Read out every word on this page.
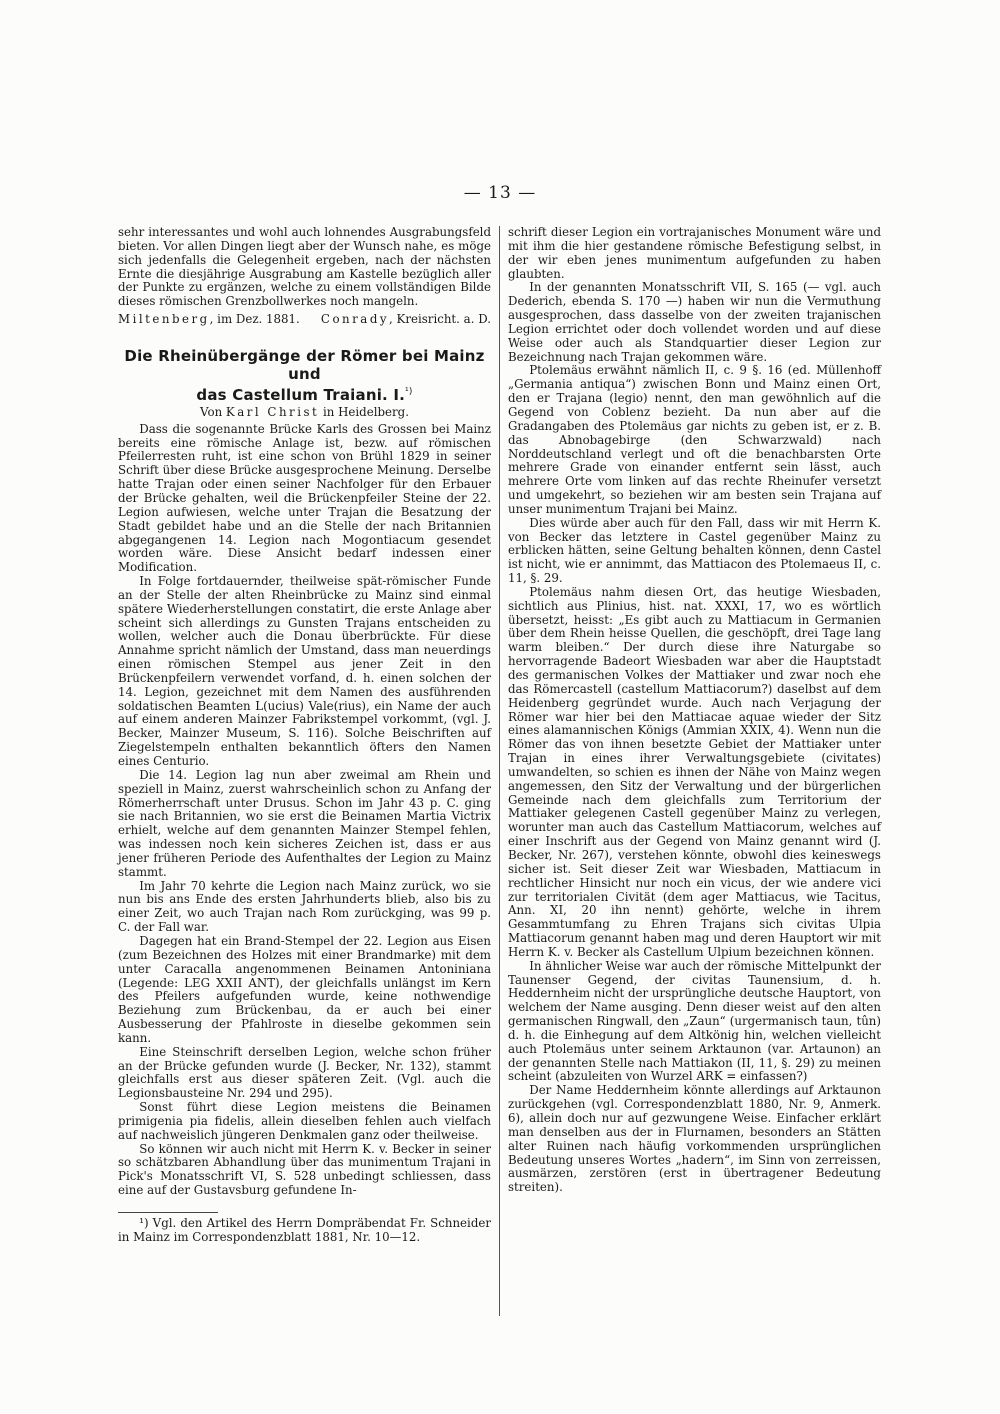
— 13 —

sehr interessantes und wohl auch lohnendes Ausgrabungsfeld bieten. Vor allen Dingen liegt aber der Wunsch nahe, es möge sich jedenfalls die Gelegenheit ergeben, nach der nächsten Ernte die diesjährige Ausgrabung am Kastelle bezüglich aller der Punkte zu ergänzen, welche zu einem vollständigen Bilde dieses römischen Grenzbollwerkes noch mangeln.

Miltenberg, im Dez. 1881. Conrady, Kreisricht. a. D.
Die Rheinübergänge der Römer bei Mainz und
das Castellum Traiani. I.$^{^1)}$
Von Karl Christ in Heidelberg.

Dass die sogenannte Brücke Karls des Grossen bei Mainz bereits eine römische Anlage ist, bezw. auf römischen Pfeilerresten ruht, ist eine schon von Brühl 1829 in seiner Schrift über diese Brücke ausgesprochene Meinung. Derselbe hatte Trajan oder einen seiner Nachfolger für den Erbauer der Brücke gehalten, weil die Brückenpfeiler Steine der 22. Legion aufwiesen, welche unter Trajan die Besatzung der Stadt gebildet habe und an die Stelle der nach Britannien abgegangenen 14. Legion nach Mogontiacum gesendet worden wäre. Diese Ansicht bedarf indessen einer Modification.

In Folge fortdauernder, theilweise spät-römischer Funde an der Stelle der alten Rheinbrücke zu Mainz sind einmal spätere Wiederherstellungen constatirt, die erste Anlage aber scheint sich allerdings zu Gunsten Trajans entscheiden zu wollen, welcher auch die Donau überbrückte. Für diese Annahme spricht nämlich der Umstand, dass man neuerdings einen römischen Stempel aus jener Zeit in den Brückenpfeilern verwendet vorfand, d. h. einen solchen der 14. Legion, gezeichnet mit dem Namen des ausführenden soldatischen Beamten L(ucius) Vale(rius), ein Name der auch auf einem anderen Mainzer Fabrikstempel vorkommt, (vgl. J. Becker, Mainzer Museum, S. 116). Solche Beischriften auf Ziegelstempeln enthalten bekanntlich öfters den Namen eines Centurio.

Die 14. Legion lag nun aber zweimal am Rhein und speziell in Mainz, zuerst wahrscheinlich schon zu Anfang der Römerherrschaft unter Drusus. Schon im Jahr 43 p. C. ging sie nach Britannien, wo sie erst die Beinamen Martia Victrix erhielt, welche auf dem genannten Mainzer Stempel fehlen, was indessen noch kein sicheres Zeichen ist, dass er aus jener früheren Periode des Aufenthaltes der Legion zu Mainz stammt.

Im Jahr 70 kehrte die Legion nach Mainz zurück, wo sie nun bis ans Ende des ersten Jahrhunderts blieb, also bis zu einer Zeit, wo auch Trajan nach Rom zurückging, was 99 p. C. der Fall war.

Dagegen hat ein Brand-Stempel der 22. Legion aus Eisen (zum Bezeichnen des Holzes mit einer Brandmarke) mit dem unter Caracalla angenommenen Beinamen Antoniniana (Legende: LEG XXII ANT), der gleichfalls unlängst im Kern des Pfeilers aufgefunden wurde, keine nothwendige Beziehung zum Brückenbau, da er auch bei einer Ausbesserung der Pfahlroste in dieselbe gekommen sein kann.

Eine Steinschrift derselben Legion, welche schon früher an der Brücke gefunden wurde (J. Becker, Nr. 132), stammt gleichfalls erst aus dieser späteren Zeit. (Vgl. auch die Legionsbausteine Nr. 294 und 295).

Sonst führt diese Legion meistens die Beinamen primigenia pia fidelis, allein dieselben fehlen auch vielfach auf nachweislich jüngeren Denkmalen ganz oder theilweise.

So können wir auch nicht mit Herrn K. v. Becker in seiner so schätzbaren Abhandlung über das munimentum Trajani in Pick's Monatsschrift VI, S. 528 unbedingt schliessen, dass eine auf der Gustavsburg gefundene In-

¹) Vgl. den Artikel des Herrn Dompräbendat Fr. Schneider in Mainz im Correspondenzblatt 1881, Nr. 10—12.

schrift dieser Legion ein vortrajanisches Monument wäre und mit ihm die hier gestandene römische Befestigung selbst, in der wir eben jenes munimentum aufgefunden zu haben glaubten.

In der genannten Monatsschrift VII, S. 165 (— vgl. auch Dederich, ebenda S. 170 —) haben wir nun die Vermuthung ausgesprochen, dass dasselbe von der zweiten trajanischen Legion errichtet oder doch vollendet worden und auf diese Weise oder auch als Standquartier dieser Legion zur Bezeichnung nach Trajan gekommen wäre.

Ptolemäus erwähnt nämlich II, c. 9 §. 16 (ed. Müllenhoff „Germania antiqua“) zwischen Bonn und Mainz einen Ort, den er Trajana (legio) nennt, den man gewöhnlich auf die Gegend von Coblenz bezieht. Da nun aber auf die Gradangaben des Ptolemäus gar nichts zu geben ist, er z. B. das Abnobagebirge (den Schwarzwald) nach Norddeutschland verlegt und oft die benachbarsten Orte mehrere Grade von einander entfernt sein lässt, auch mehrere Orte vom linken auf das rechte Rheinufer versetzt und umgekehrt, so beziehen wir am besten sein Trajana auf unser munimentum Trajani bei Mainz.

Dies würde aber auch für den Fall, dass wir mit Herrn K. von Becker das letztere in Castel gegenüber Mainz zu erblicken hätten, seine Geltung behalten können, denn Castel ist nicht, wie er annimmt, das Mattiacon des Ptolemaeus II, c. 11, §. 29.

Ptolemäus nahm diesen Ort, das heutige Wiesbaden, sichtlich aus Plinius, hist. nat. XXXI, 17, wo es wörtlich übersetzt, heisst: „Es gibt auch zu Mattiacum in Germanien über dem Rhein heisse Quellen, die geschöpft, drei Tage lang warm bleiben.“ Der durch diese ihre Naturgabe so hervorragende Badeort Wiesbaden war aber die Hauptstadt des germanischen Volkes der Mattiaker und zwar noch ehe das Römercastell (castellum Mattiacorum?) daselbst auf dem Heidenberg gegründet wurde. Auch nach Verjagung der Römer war hier bei den Mattiacae aquae wieder der Sitz eines alamannischen Königs (Ammian XXIX, 4). Wenn nun die Römer das von ihnen besetzte Gebiet der Mattiaker unter Trajan in eines ihrer Verwaltungsgebiete (civitates) umwandelten, so schien es ihnen der Nähe von Mainz wegen angemessen, den Sitz der Verwaltung und der bürgerlichen Gemeinde nach dem gleichfalls zum Territorium der Mattiaker gelegenen Castell gegenüber Mainz zu verlegen, worunter man auch das Castellum Mattiacorum, welches auf einer Inschrift aus der Gegend von Mainz genannt wird (J. Becker, Nr. 267), verstehen könnte, obwohl dies keineswegs sicher ist. Seit dieser Zeit war Wiesbaden, Mattiacum in rechtlicher Hinsicht nur noch ein vicus, der wie andere vici zur territorialen Civität (dem ager Mattiacus, wie Tacitus, Ann. XI, 20 ihn nennt) gehörte, welche in ihrem Gesammtumfang zu Ehren Trajans sich civitas Ulpia Mattiacorum genannt haben mag und deren Hauptort wir mit Herrn K. v. Becker als Castellum Ulpium bezeichnen können.

In ähnlicher Weise war auch der römische Mittelpunkt der Taunenser Gegend, der civitas Taunensium, d. h. Heddernheim nicht der ursprüngliche deutsche Hauptort, von welchem der Name ausging. Denn dieser weist auf den alten germanischen Ringwall, den „Zaun“ (urgermanisch taun, tûn) d. h. die Einhegung auf dem Altkönig hin, welchen vielleicht auch Ptolemäus unter seinem Arktaunon (var. Artaunon) an der genannten Stelle nach Mattiakon (II, 11, §. 29) zu meinen scheint (abzuleiten von Wurzel ARK = einfassen?)

Der Name Heddernheim könnte allerdings auf Arktaunon zurückgehen (vgl. Correspondenzblatt 1880, Nr. 9, Anmerk. 6), allein doch nur auf gezwungene Weise. Einfacher erklärt man denselben aus der in Flurnamen, besonders an Stätten alter Ruinen nach häufig vorkommenden ursprünglichen Bedeutung unseres Wortes „hadern“, im Sinn von zerreissen, ausmärzen, zerstören (erst in übertragener Bedeutung streiten).
